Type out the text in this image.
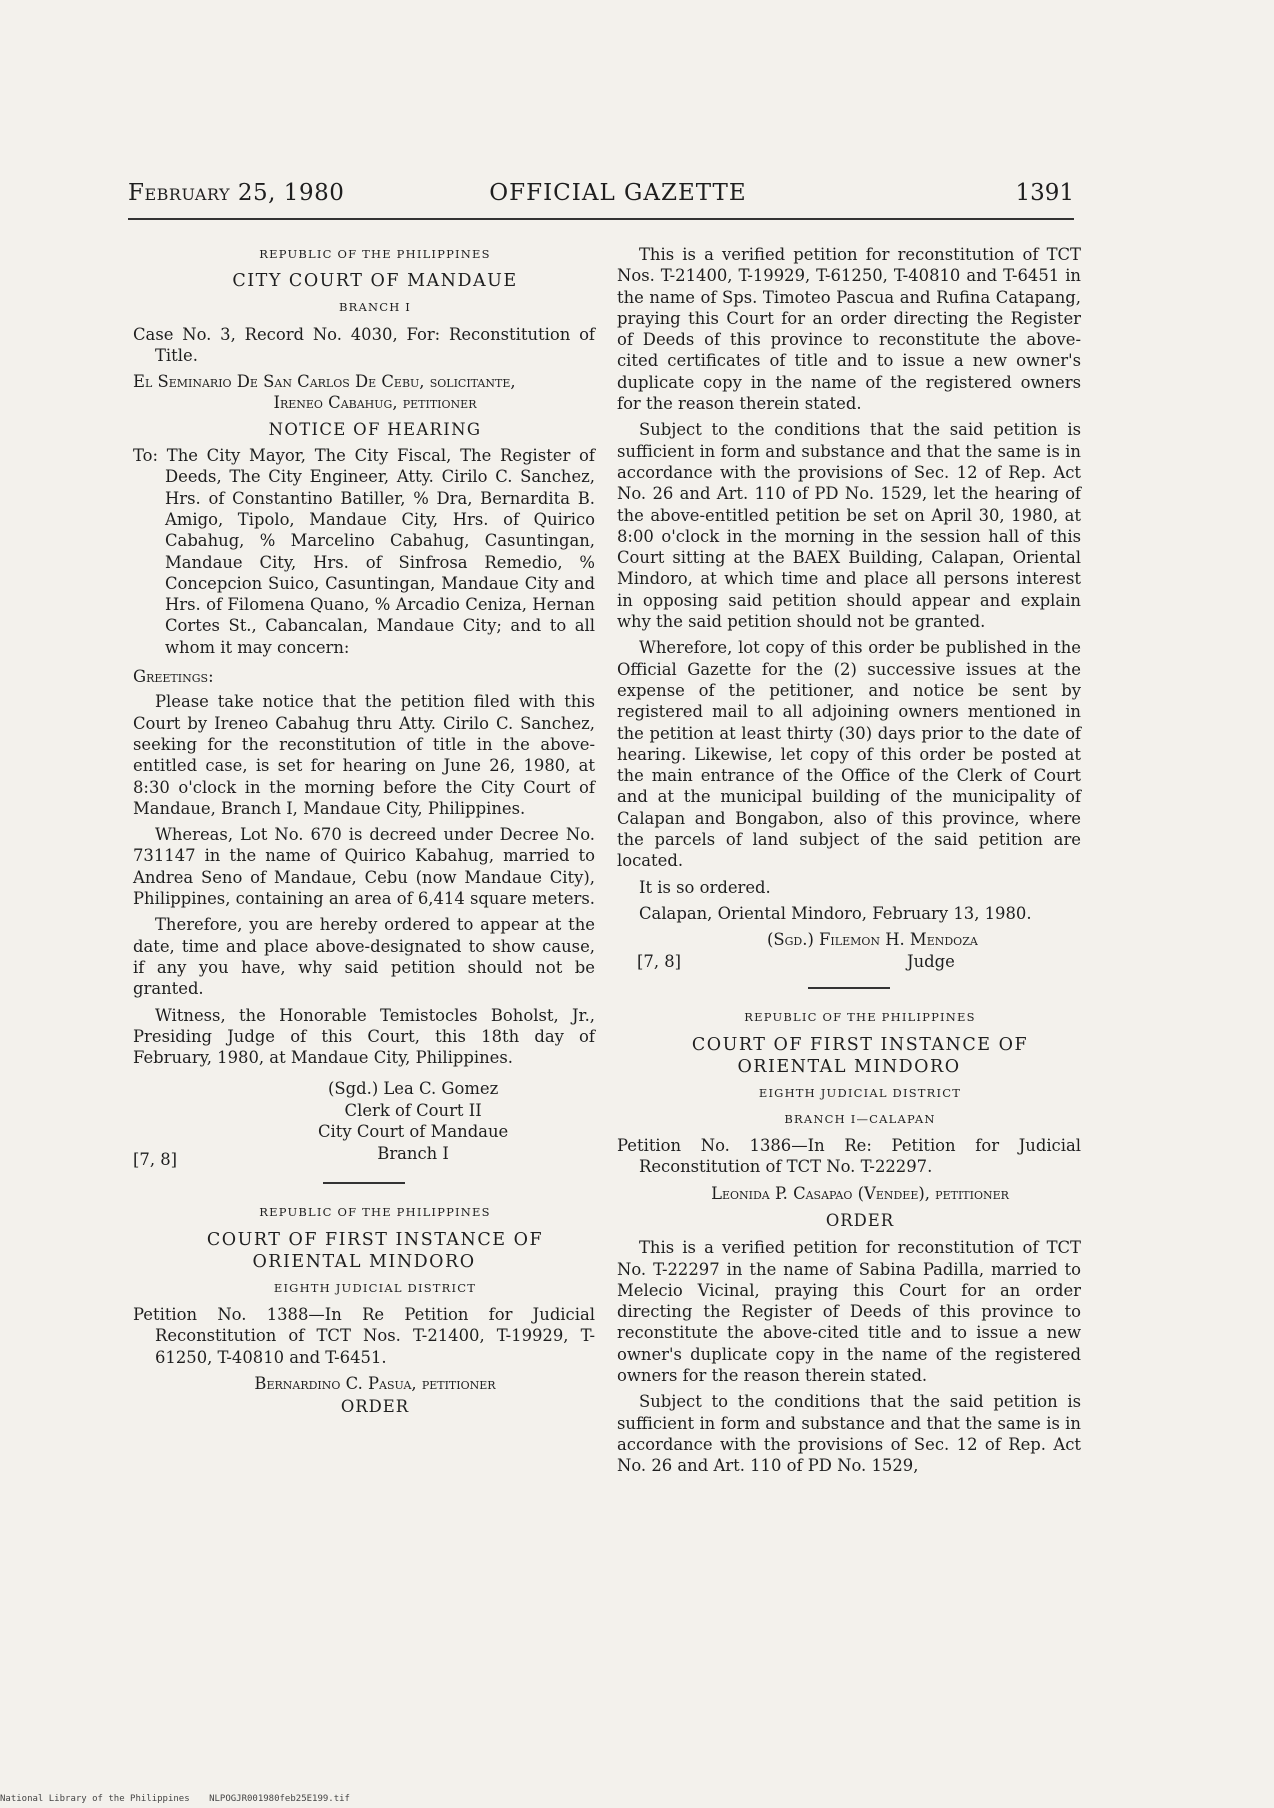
February 25, 1980	OFFICIAL GAZETTE	1391

REPUBLIC OF THE PHILIPPINES

CITY COURT OF MANDAUE

BRANCH I

Case No. 3, Record No. 4030, For: Reconstitution of Title.

El Seminario De San Carlos De Cebu, solicitante,

Ireneo Cabahug, petitioner

NOTICE OF HEARING

To: The City Mayor, The City Fiscal, The Register of Deeds, The City Engineer, Atty. Cirilo C. Sanchez, Hrs. of Constantino Batiller, % Dra, Bernardita B. Amigo, Tipolo, Mandaue City, Hrs. of Quirico Cabahug, % Marcelino Cabahug, Casuntingan, Mandaue City, Hrs. of Sinfrosa Remedio, % Concepcion Suico, Casuntingan, Mandaue City and Hrs. of Filomena Quano, % Arcadio Ceniza, Hernan Cortes St., Cabancalan, Mandaue City; and to all whom it may concern:

Greetings:

Please take notice that the petition filed with this Court by Ireneo Cabahug thru Atty. Cirilo C. Sanchez, seeking for the reconstitution of title in the above-entitled case, is set for hearing on June 26, 1980, at 8:30 o'clock in the morning before the City Court of Mandaue, Branch I, Mandaue City, Philippines.

Whereas, Lot No. 670 is decreed under Decree No. 731147 in the name of Quirico Kabahug, married to Andrea Seno of Mandaue, Cebu (now Mandaue City), Philippines, containing an area of 6,414 square meters.

Therefore, you are hereby ordered to appear at the date, time and place above-designated to show cause, if any you have, why said petition should not be granted.

Witness, the Honorable Temistocles Boholst, Jr., Presiding Judge of this Court, this 18th day of February, 1980, at Mandaue City, Philippines.

(Sgd.) Lea C. Gomez
Clerk of Court II
City Court of Mandaue
Branch I
[7, 8]

REPUBLIC OF THE PHILIPPINES

COURT OF FIRST INSTANCE OF ORIENTAL MINDORO

EIGHTH JUDICIAL DISTRICT

Petition No. 1388—In Re Petition for Judicial Reconstitution of TCT Nos. T-21400, T-19929, T-61250, T-40810 and T-6451.

Bernardino C. Pasua, petitioner

ORDER

This is a verified petition for reconstitution of TCT Nos. T-21400, T-19929, T-61250, T-40810 and T-6451 in the name of Sps. Timoteo Pascua and Rufina Catapang, praying this Court for an order directing the Register of Deeds of this province to reconstitute the above-cited certificates of title and to issue a new owner's duplicate copy in the name of the registered owners for the reason therein stated.

Subject to the conditions that the said petition is sufficient in form and substance and that the same is in accordance with the provisions of Sec. 12 of Rep. Act No. 26 and Art. 110 of PD No. 1529, let the hearing of the above-entitled petition be set on April 30, 1980, at 8:00 o'clock in the morning in the session hall of this Court sitting at the BAEX Building, Calapan, Oriental Mindoro, at which time and place all persons interest in opposing said petition should appear and explain why the said petition should not be granted.

Wherefore, lot copy of this order be published in the Official Gazette for the (2) successive issues at the expense of the petitioner, and notice be sent by registered mail to all adjoining owners mentioned in the petition at least thirty (30) days prior to the date of hearing. Likewise, let copy of this order be posted at the main entrance of the Office of the Clerk of Court and at the municipal building of the municipality of Calapan and Bongabon, also of this province, where the parcels of land subject of the said petition are located.

It is so ordered.

Calapan, Oriental Mindoro, February 13, 1980.

(Sgd.) Filemon H. Mendoza
Judge
[7, 8]

REPUBLIC OF THE PHILIPPINES

COURT OF FIRST INSTANCE OF ORIENTAL MINDORO

EIGHTH JUDICIAL DISTRICT

BRANCH I—CALAPAN

Petition No. 1386—In Re: Petition for Judicial Reconstitution of TCT No. T-22297.

Leonida P. Casapao (Vendee), petitioner

ORDER

This is a verified petition for reconstitution of TCT No. T-22297 in the name of Sabina Padilla, married to Melecio Vicinal, praying this Court for an order directing the Register of Deeds of this province to reconstitute the above-cited title and to issue a new owner's duplicate copy in the name of the registered owners for the reason therein stated.

Subject to the conditions that the said petition is sufficient in form and substance and that the same is in accordance with the provisions of Sec. 12 of Rep. Act No. 26 and Art. 110 of PD No. 1529,

National Library of the Philippines NLPOGJR001980feb25E199.tif
